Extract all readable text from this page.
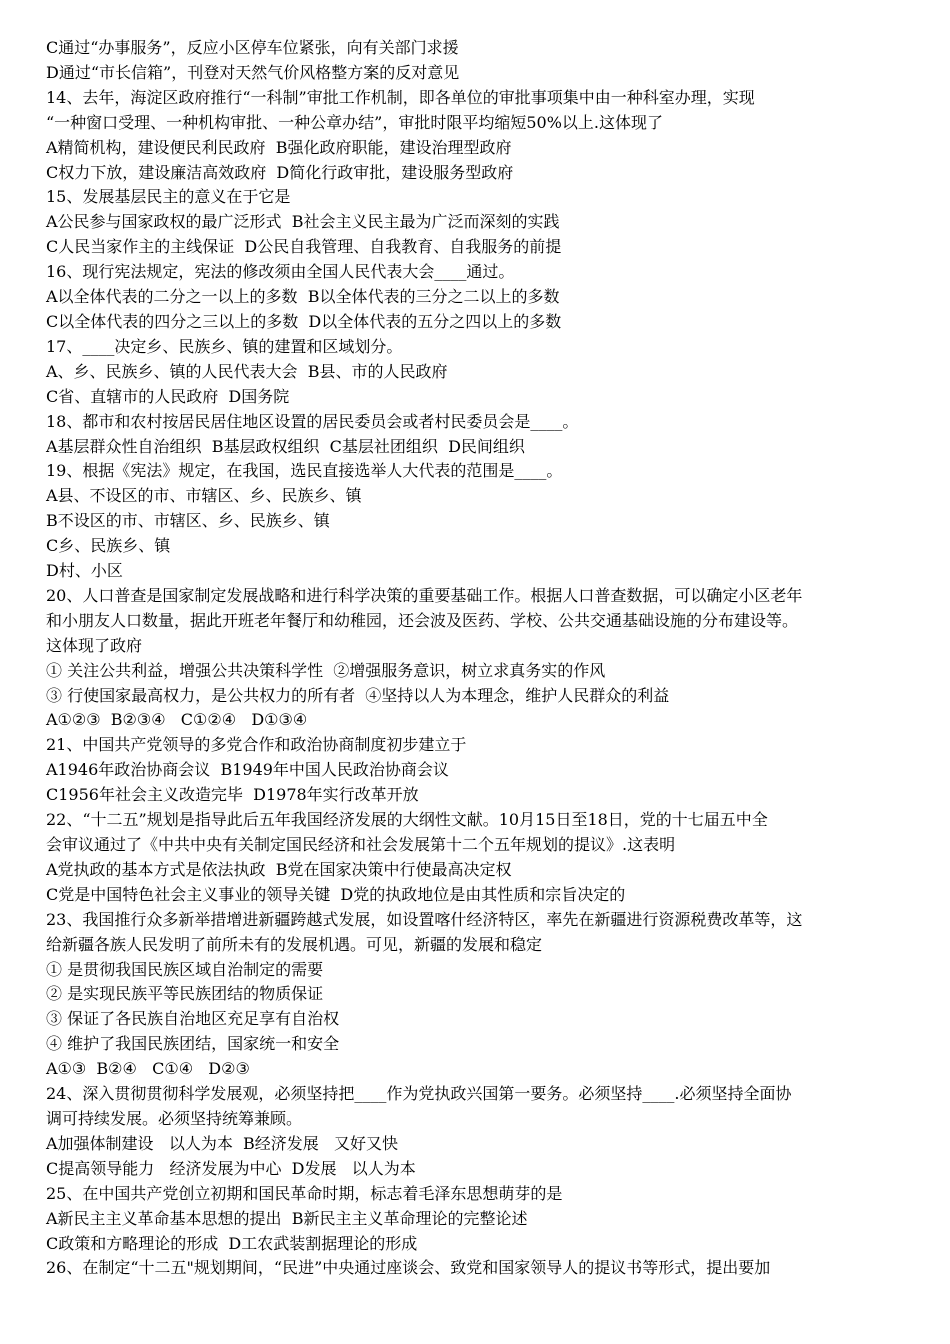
C通过“办事服务”，反应小区停车位紧张，向有关部门求援
D通过“市长信箱”，刊登对天然气价风格整方案的反对意见
14、去年，海淀区政府推行“一科制”审批工作机制，即各单位的审批事项集中由一种科室办理，实现
“一种窗口受理、一种机构审批、一种公章办结”，审批时限平均缩短50%以上.这体现了
A精简机构，建设便民利民政府  B强化政府职能，建设治理型政府
C权力下放，建设廉洁高效政府  D简化行政审批，建设服务型政府
15、发展基层民主的意义在于它是
A公民参与国家政权的最广泛形式  B社会主义民主最为广泛而深刻的实践
C人民当家作主的主线保证  D公民自我管理、自我教育、自我服务的前提
16、现行宪法规定，宪法的修改须由全国人民代表大会____通过。
A以全体代表的二分之一以上的多数  B以全体代表的三分之二以上的多数
C以全体代表的四分之三以上的多数  D以全体代表的五分之四以上的多数
17、____决定乡、民族乡、镇的建置和区域划分。
A、乡、民族乡、镇的人民代表大会  B县、市的人民政府
C省、直辖市的人民政府  D国务院
18、都市和农村按居民居住地区设置的居民委员会或者村民委员会是____。
A基层群众性自治组织  B基层政权组织  C基层社团组织  D民间组织
19、根据《宪法》规定，在我国，选民直接选举人大代表的范围是____。
A县、不设区的市、市辖区、乡、民族乡、镇
B不设区的市、市辖区、乡、民族乡、镇
C乡、民族乡、镇
D村、小区
20、人口普查是国家制定发展战略和进行科学决策的重要基础工作。根据人口普查数据，可以确定小区老年
和小朋友人口数量，据此开班老年餐厅和幼稚园，还会波及医药、学校、公共交通基础设施的分布建设等。
这体现了政府
① 关注公共利益，增强公共决策科学性  ②增强服务意识，树立求真务实的作风
③ 行使国家最高权力，是公共权力的所有者  ④坚持以人为本理念，维护人民群众的利益
A①②③  B②③④   C①②④   D①③④
21、中国共产党领导的多党合作和政治协商制度初步建立于
A1946年政治协商会议  B1949年中国人民政治协商会议
C1956年社会主义改造完毕  D1978年实行改革开放
22、“十二五”规划是指导此后五年我国经济发展的大纲性文献。10月15日至18日，党的十七届五中全
会审议通过了《中共中央有关制定国民经济和社会发展第十二个五年规划的提议》.这表明
A党执政的基本方式是依法执政  B党在国家决策中行使最高决定权
C党是中国特色社会主义事业的领导关键  D党的执政地位是由其性质和宗旨决定的
23、我国推行众多新举措增进新疆跨越式发展，如设置喀什经济特区，率先在新疆进行资源税费改革等，这
给新疆各族人民发明了前所未有的发展机遇。可见，新疆的发展和稳定
① 是贯彻我国民族区域自治制定的需要
② 是实现民族平等民族团结的物质保证
③ 保证了各民族自治地区充足享有自治权
④ 维护了我国民族团结，国家统一和安全
A①③  B②④   C①④   D②③
24、深入贯彻贯彻科学发展观，必须坚持把____作为党执政兴国第一要务。必须坚持____.必须坚持全面协
调可持续发展。必须坚持统筹兼顾。
A加强体制建设   以人为本  B经济发展   又好又快
C提高领导能力   经济发展为中心  D发展   以人为本
25、在中国共产党创立初期和国民革命时期，标志着毛泽东思想萌芽的是
A新民主主义革命基本思想的提出  B新民主主义革命理论的完整论述
C政策和方略理论的形成  D工农武装割据理论的形成
26、在制定“十二五"规划期间，“民进”中央通过座谈会、致党和国家领导人的提议书等形式，提出要加
